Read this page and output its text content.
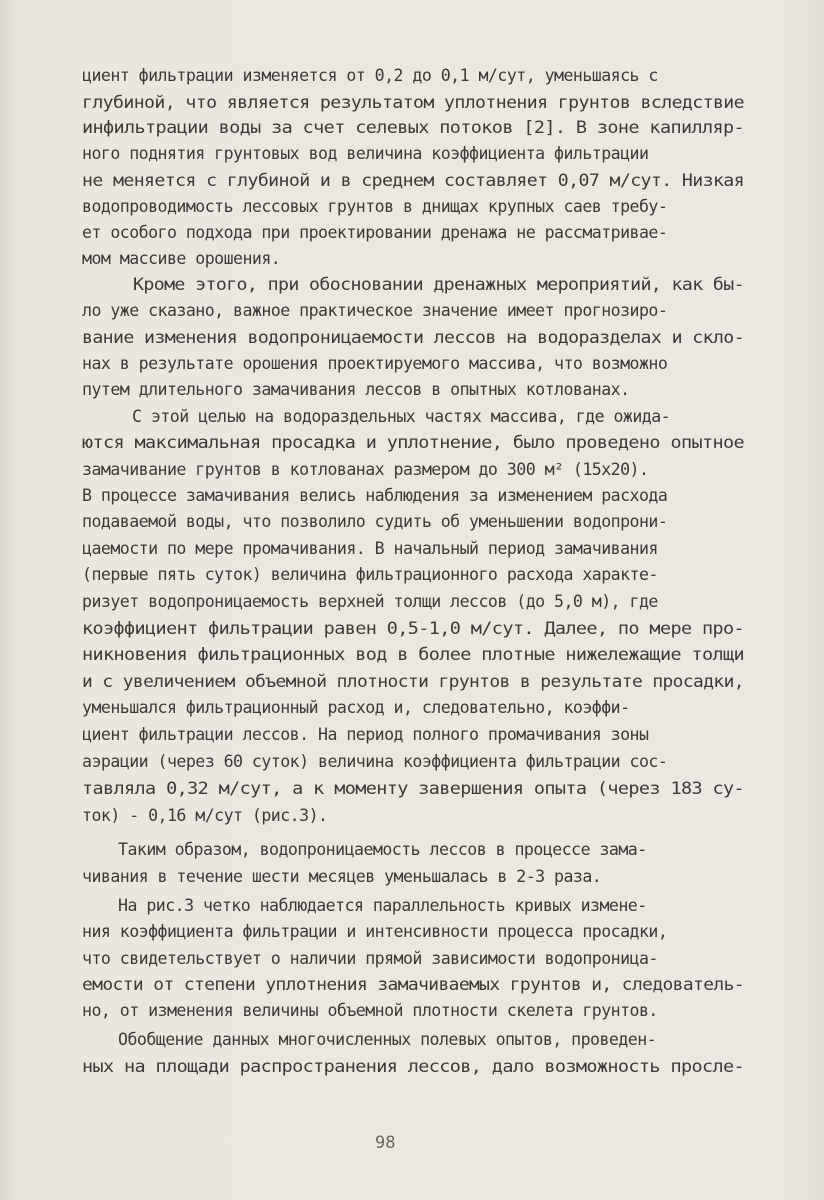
циент фильтрации изменяется от 0,2 до 0,1 м/сут, уменьшаясь с
глубиной, что является результатом уплотнения грунтов вследствие
инфильтрации воды за счет селевых потоков [2]. В зоне капилляр-
ного поднятия грунтовых вод величина коэффициента фильтрации
не меняется с глубиной и в среднем составляет 0,07 м/сут. Низкая
водопроводимость лессовых грунтов в днищах крупных саев требу-
ет особого подхода при проектировании дренажа не рассматривае-
мом массиве орошения.
Кроме этого, при обосновании дренажных мероприятий, как бы-
ло уже сказано, важное практическое значение имеет прогнозиро-
вание изменения водопроницаемости лессов на водоразделах и скло-
нах в результате орошения проектируемого массива, что возможно
путем длительного замачивания лессов в опытных котлованах.
С этой целью на водораздельных частях массива, где ожида-
ются максимальная просадка и уплотнение, было проведено опытное
замачивание грунтов в котлованах размером до 300 м² (15х20).
В процессе замачивания велись наблюдения за изменением расхода
подаваемой воды, что позволило судить об уменьшении водопрони-
цаемости по мере промачивания. В начальный период замачивания
(первые пять суток) величина фильтрационного расхода характе-
ризует водопроницаемость верхней толщи лессов (до 5,0 м), где
коэффициент фильтрации равен 0,5-1,0 м/сут. Далее, по мере про-
никновения фильтрационных вод в более плотные нижележащие толщи
и с увеличением объемной плотности грунтов в результате просадки,
уменьшался фильтрационный расход и, следовательно, коэффи-
циент фильтрации лессов. На период полного промачивания зоны
аэрации (через 60 суток) величина коэффициента фильтрации сос-
тавляла 0,32 м/сут, а к моменту завершения опыта (через 183 су-
ток) - 0,16 м/сут (рис.3).
Таким образом, водопроницаемость лессов в процессе зама-
чивания в течение шести месяцев уменьшалась в 2-3 раза.
На рис.3 четко наблюдается параллельность кривых измене-
ния коэффициента фильтрации и интенсивности процесса просадки,
что свидетельствует о наличии прямой зависимости водопроница-
емости от степени уплотнения замачиваемых грунтов и, следователь-
но, от изменения величины объемной плотности скелета грунтов.
Обобщение данных многочисленных полевых опытов, проведен-
ных на площади распространения лессов, дало возможность просле-
98
